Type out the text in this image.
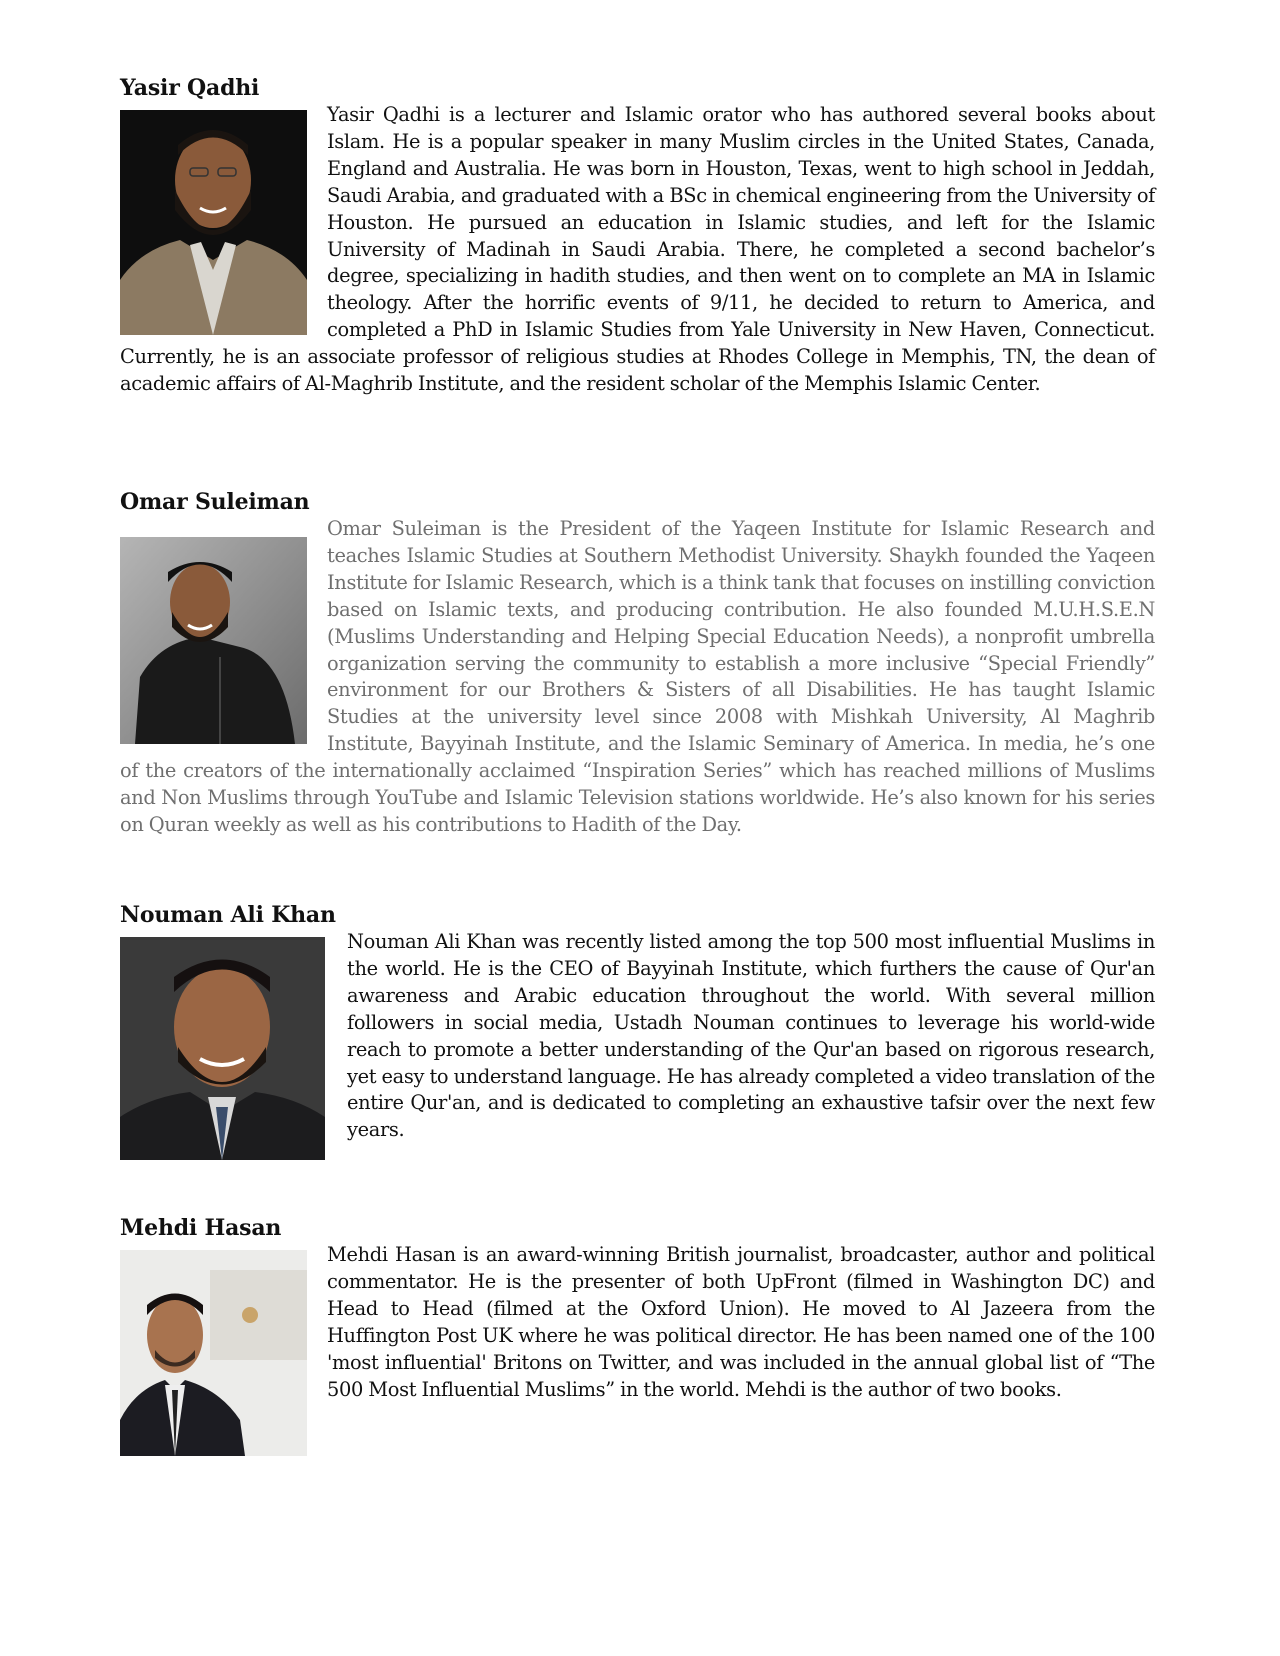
Yasir Qadhi

Yasir Qadhi is a lecturer and Islamic orator who has authored several books about Islam. He is a popular speaker in many Muslim circles in the United States, Canada, England and Australia. He was born in Houston, Texas, went to high school in Jeddah, Saudi Arabia, and graduated with a BSc in chemical engineering from the University of Houston. He pursued an education in Islamic studies, and left for the Islamic University of Madinah in Saudi Arabia. There, he completed a second bachelor’s degree, specializing in hadith studies, and then went on to complete an MA in Islamic theology. After the horrific events of 9/11, he decided to return to America, and completed a PhD in Islamic Studies from Yale University in New Haven, Connecticut. Currently, he is an associate professor of religious studies at Rhodes College in Memphis, TN, the dean of academic affairs of Al-Maghrib Institute, and the resident scholar of the Memphis Islamic Center.

Omar Suleiman

Omar Suleiman is the President of the Yaqeen Institute for Islamic Research and teaches Islamic Studies at Southern Methodist University. Shaykh founded the Yaqeen Institute for Islamic Research, which is a think tank that focuses on instilling conviction based on Islamic texts, and producing contribution. He also founded M.U.H.S.E.N (Muslims Understanding and Helping Special Education Needs), a nonprofit umbrella organization serving the community to establish a more inclusive “Special Friendly” environment for our Brothers & Sisters of all Disabilities. He has taught Islamic Studies at the university level since 2008 with Mishkah University, Al Maghrib Institute, Bayyinah Institute, and the Islamic Seminary of America. In media, he’s one of the creators of the internationally acclaimed “Inspiration Series” which has reached millions of Muslims and Non Muslims through YouTube and Islamic Television stations worldwide. He’s also known for his series on Quran weekly as well as his contributions to Hadith of the Day.

Nouman Ali Khan

Nouman Ali Khan was recently listed among the top 500 most influential Muslims in the world. He is the CEO of Bayyinah Institute, which furthers the cause of Qur'an awareness and Arabic education throughout the world. With several million followers in social media, Ustadh Nouman continues to leverage his world-wide reach to promote a better understanding of the Qur'an based on rigorous research, yet easy to understand language. He has already completed a video translation of the entire Qur'an, and is dedicated to completing an exhaustive tafsir over the next few years.

Mehdi Hasan

Mehdi Hasan is an award-winning British journalist, broadcaster, author and political commentator. He is the presenter of both UpFront (filmed in Washington DC) and Head to Head (filmed at the Oxford Union). He moved to Al Jazeera from the Huffington Post UK where he was political director. He has been named one of the 100 'most influential' Britons on Twitter, and was included in the annual global list of “The 500 Most Influential Muslims” in the world. Mehdi is the author of two books.
